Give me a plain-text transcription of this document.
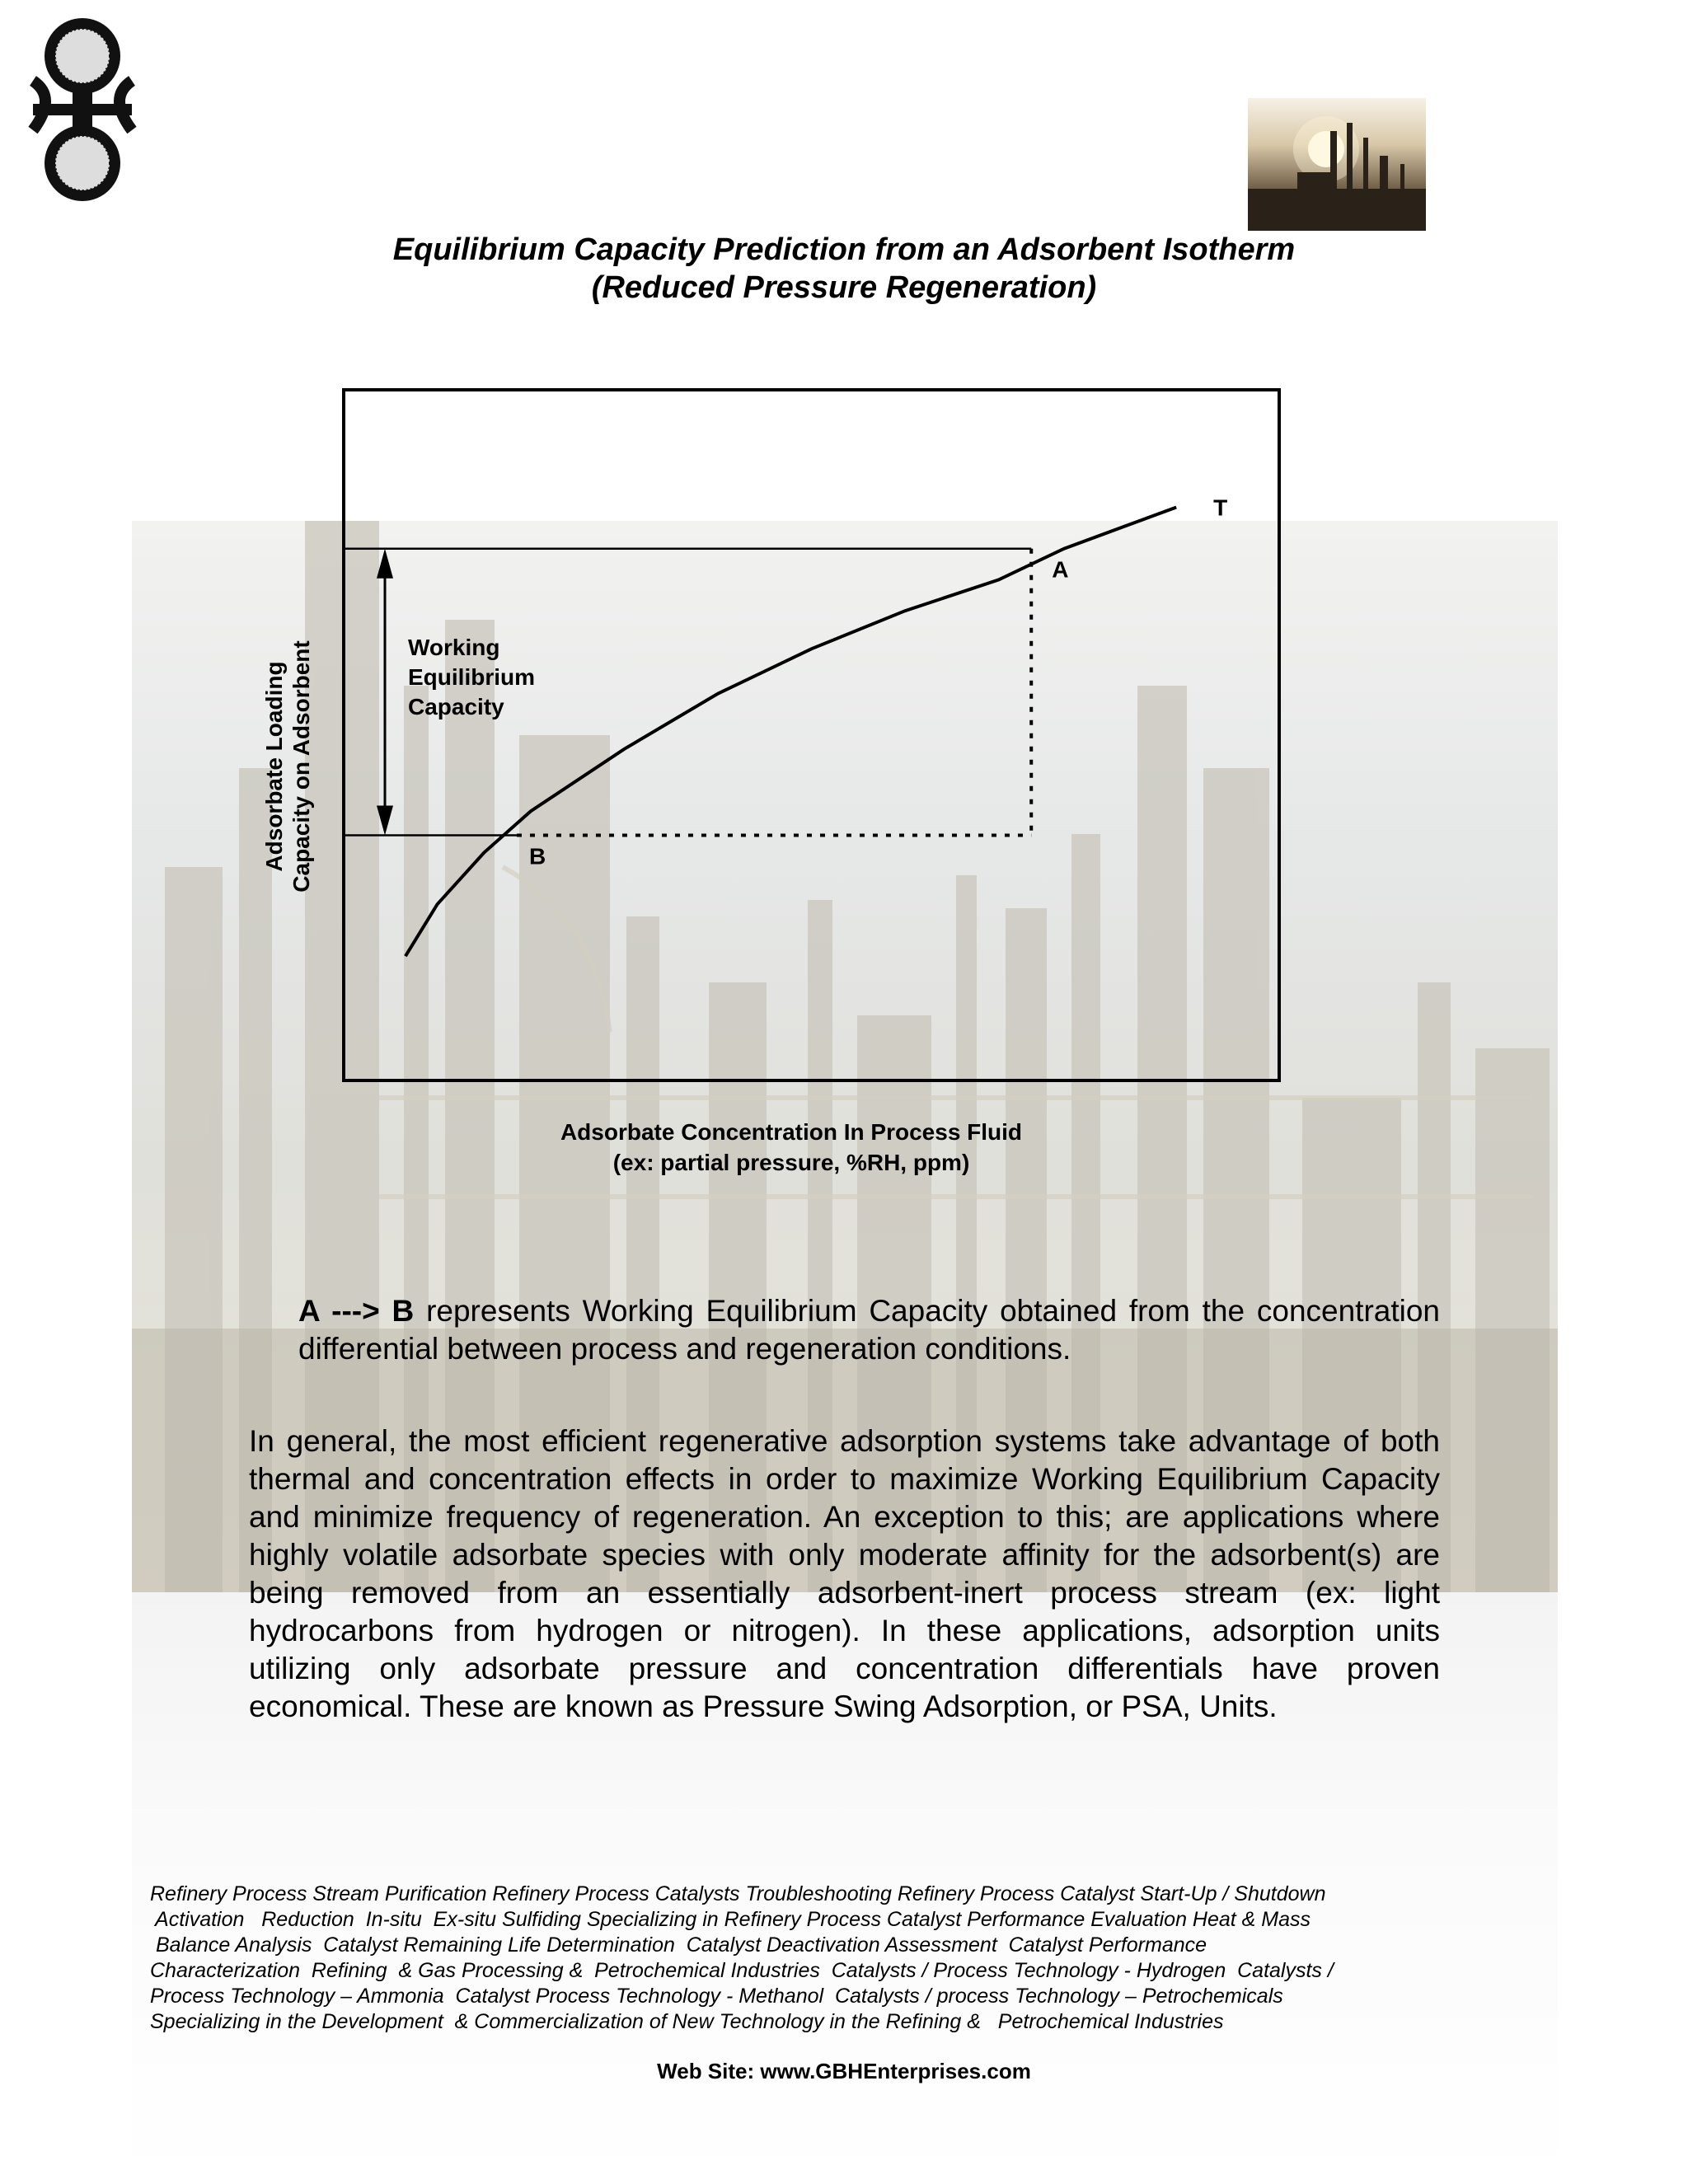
Equilibrium Capacity Prediction from an Adsorbent Isotherm
(Reduced Pressure Regeneration)
T
A
B
Working
Equilibrium
Capacity
Adsorbate Loading Capacity on Adsorbent
Adsorbate Concentration In Process Fluid
(ex: partial pressure, %RH, ppm)
A ---> B represents Working Equilibrium Capacity obtained from the concentration differential between process and regeneration conditions.
In general, the most efficient regenerative adsorption systems take advantage of both thermal and concentration effects in order to maximize Working Equilibrium Capacity and minimize frequency of regeneration. An exception to this; are applications where highly volatile adsorbate species with only moderate affinity for the adsorbent(s) are being removed from an essentially adsorbent-inert process stream (ex: light hydrocarbons from hydrogen or nitrogen). In these applications, adsorption units utilizing only adsorbate pressure and concentration differentials have proven economical. These are known as Pressure Swing Adsorption, or PSA, Units.
Refinery Process Stream Purification Refinery Process Catalysts Troubleshooting Refinery Process Catalyst Start-Up / Shutdown
Activation   Reduction  In-situ  Ex-situ Sulfiding Specializing in Refinery Process Catalyst Performance Evaluation Heat & Mass
Balance Analysis  Catalyst Remaining Life Determination  Catalyst Deactivation Assessment  Catalyst Performance
Characterization  Refining  & Gas Processing &  Petrochemical Industries  Catalysts / Process Technology - Hydrogen  Catalysts /
Process Technology – Ammonia  Catalyst Process Technology - Methanol  Catalysts / process Technology – Petrochemicals
Specializing in the Development  & Commercialization of New Technology in the Refining &   Petrochemical Industries
Web Site: www.GBHEnterprises.com
